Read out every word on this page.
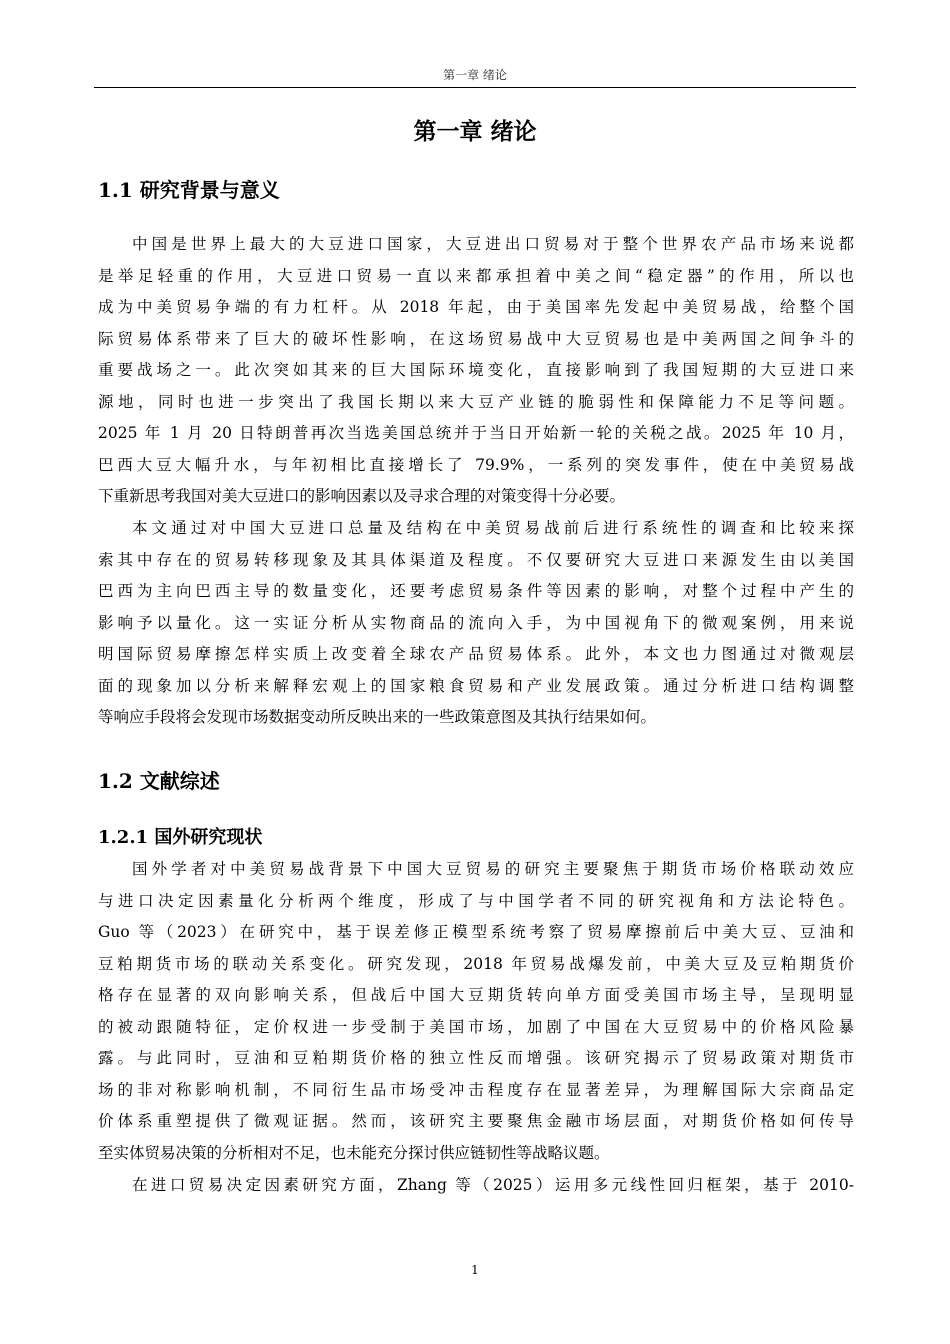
第一章 绪论
第一章 绪论
1.1 研究背景与意义
中国是世界上最大的大豆进口国家，大豆进出口贸易对于整个世界农产品市场来说都
是举足轻重的作用，大豆进口贸易一直以来都承担着中美之间“稳定器”的作用，所以也
成为中美贸易争端的有力杠杆。从 2018 年起，由于美国率先发起中美贸易战，给整个国
际贸易体系带来了巨大的破坏性影响，在这场贸易战中大豆贸易也是中美两国之间争斗的
重要战场之一。此次突如其来的巨大国际环境变化，直接影响到了我国短期的大豆进口来
源地，同时也进一步突出了我国长期以来大豆产业链的脆弱性和保障能力不足等问题。
2025 年 1 月 20 日特朗普再次当选美国总统并于当日开始新一轮的关税之战。2025 年 10 月，
巴西大豆大幅升水，与年初相比直接增长了 79.9%，一系列的突发事件，使在中美贸易战
下重新思考我国对美大豆进口的影响因素以及寻求合理的对策变得十分必要。
本文通过对中国大豆进口总量及结构在中美贸易战前后进行系统性的调查和比较来探
索其中存在的贸易转移现象及其具体渠道及程度。不仅要研究大豆进口来源发生由以美国
巴西为主向巴西主导的数量变化，还要考虑贸易条件等因素的影响，对整个过程中产生的
影响予以量化。这一实证分析从实物商品的流向入手，为中国视角下的微观案例，用来说
明国际贸易摩擦怎样实质上改变着全球农产品贸易体系。此外，本文也力图通过对微观层
面的现象加以分析来解释宏观上的国家粮食贸易和产业发展政策。通过分析进口结构调整
等响应手段将会发现市场数据变动所反映出来的一些政策意图及其执行结果如何。
1.2 文献综述
1.2.1 国外研究现状
国外学者对中美贸易战背景下中国大豆贸易的研究主要聚焦于期货市场价格联动效应
与进口决定因素量化分析两个维度，形成了与中国学者不同的研究视角和方法论特色。
Guo 等（2023）在研究中，基于误差修正模型系统考察了贸易摩擦前后中美大豆、豆油和
豆粕期货市场的联动关系变化。研究发现，2018 年贸易战爆发前，中美大豆及豆粕期货价
格存在显著的双向影响关系，但战后中国大豆期货转向单方面受美国市场主导，呈现明显
的被动跟随特征，定价权进一步受制于美国市场，加剧了中国在大豆贸易中的价格风险暴
露。与此同时，豆油和豆粕期货价格的独立性反而增强。该研究揭示了贸易政策对期货市
场的非对称影响机制，不同衍生品市场受冲击程度存在显著差异，为理解国际大宗商品定
价体系重塑提供了微观证据。然而，该研究主要聚焦金融市场层面，对期货价格如何传导
至实体贸易决策的分析相对不足，也未能充分探讨供应链韧性等战略议题。
在进口贸易决定因素研究方面，Zhang 等（2025）运用多元线性回归框架，基于 2010-
1
